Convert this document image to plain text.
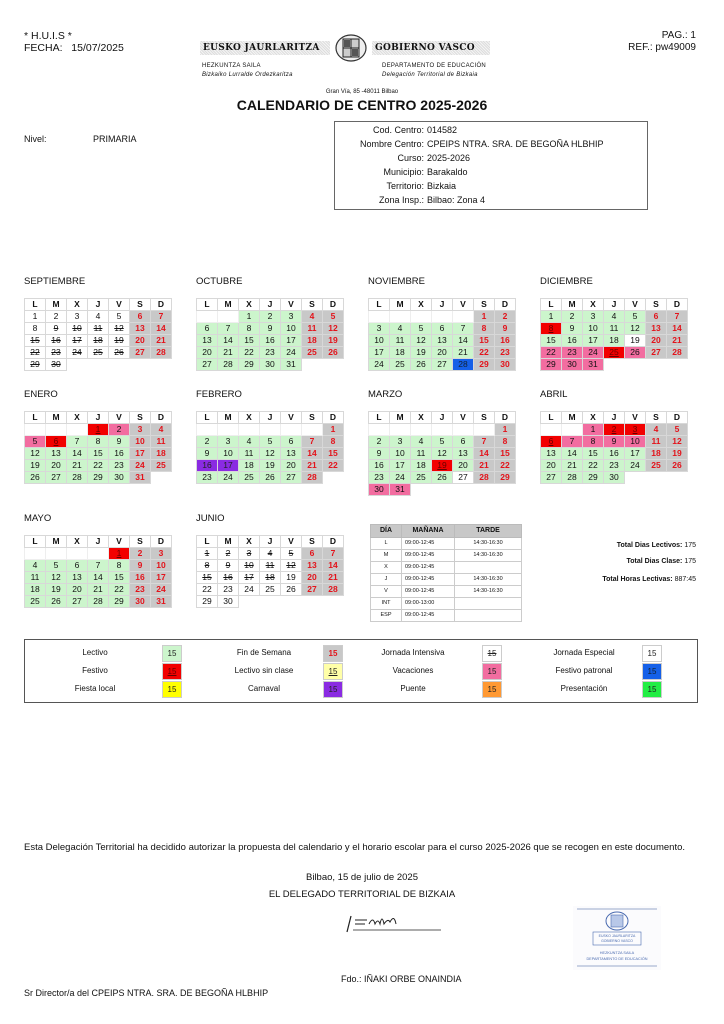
* H.U.I.S *
FECHA: 15/07/2025
PAG.: 1
REF.: pw49009
EUSKO JAURLARITZA	GOBIERNO VASCO
HEZKUNTZA SAILA
Bizkaiko Lurralde Ordezkaritza
DEPARTAMENTO DE EDUCACIÓN
Delegación Territorial de Bizkaia
Gran Vía, 85 -48011 Bilbao
CALENDARIO DE CENTRO 2025-2026
Nivel:	PRIMARIA
Cod. Centro: 014582
Nombre Centro: CPEIPS NTRA. SRA. DE BEGOÑA HLBHIP
Curso: 2025-2026
Municipio: Barakaldo
Territorio: Bizkaia
Zona Insp.: Bilbao: Zona 4
SEPTIEMBRE
L	M	X	J	V	S	D
1	2	3	4	5	6	7
8	9	10	11	12	13	14
15	16	17	18	19	20	21
22	23	24	25	26	27	28
29	30					
OCTUBRE
L	M	X	J	V	S	D
		1	2	3	4	5
6	7	8	9	10	11	12
13	14	15	16	17	18	19
20	21	22	23	24	25	26
27	28	29	30	31		
NOVIEMBRE
L	M	X	J	V	S	D
					1	2
3	4	5	6	7	8	9
10	11	12	13	14	15	16
17	18	19	20	21	22	23
24	25	26	27	28	29	30
DICIEMBRE
L	M	X	J	V	S	D
1	2	3	4	5	6	7
8	9	10	11	12	13	14
15	16	17	18	19	20	21
22	23	24	25	26	27	28
29	30	31				
ENERO
L	M	X	J	V	S	D
			1	2	3	4
5	6	7	8	9	10	11
12	13	14	15	16	17	18
19	20	21	22	23	24	25
26	27	28	29	30	31	
FEBRERO
L	M	X	J	V	S	D
						1
2	3	4	5	6	7	8
9	10	11	12	13	14	15
16	17	18	19	20	21	22
23	24	25	26	27	28	
MARZO
L	M	X	J	V	S	D
						1
2	3	4	5	6	7	8
9	10	11	12	13	14	15
16	17	18	19	20	21	22
23	24	25	26	27	28	29
30	31					
ABRIL
L	M	X	J	V	S	D
		1	2	3	4	5
6	7	8	9	10	11	12
13	14	15	16	17	18	19
20	21	22	23	24	25	26
27	28	29	30			
MAYO
L	M	X	J	V	S	D
				1	2	3
4	5	6	7	8	9	10
11	12	13	14	15	16	17
18	19	20	21	22	23	24
25	26	27	28	29	30	31
JUNIO
L	M	X	J	V	S	D
1	2	3	4	5	6	7
8	9	10	11	12	13	14
15	16	17	18	19	20	21
22	23	24	25	26	27	28
29	30					
DÍA	MAÑANA	TARDE
L	09:00-12:45	14:30-16:30
M	09:00-12:45	14:30-16:30
X	09:00-12:45	
J	09:00-12:45	14:30-16:30
V	09:00-12:45	14:30-16:30
INT	09:00-13:00	
ESP	09:00-12:45	
Total Dias Lectivos: 175
Total Dias Clase: 175
Total Horas Lectivas: 887:45
Lectivo	15	Fin de Semana	15	Jornada Intensiva	15	Jornada Especial	15
Festivo	15	Lectivo sin clase	15	Vacaciones	15	Festivo patronal	15
Fiesta local	15	Carnaval	15	Puente	15	Presentación	15
Esta Delegación Territorial ha decidido autorizar la propuesta del calendario y el horario escolar para el curso 2025-2026 que se recogen en este documento.
Bilbao, 15 de julio de 2025
EL DELEGADO TERRITORIAL DE BIZKAIA
EUSKO JAURLARITZA
GOBIERNO VASCO
HEZKUNTZA SAILA
DEPARTAMENTO DE EDUCACIÓN
Fdo.: IÑAKI ORBE ONAINDIA
Sr Director/a del CPEIPS NTRA. SRA. DE BEGOÑA HLBHIP
